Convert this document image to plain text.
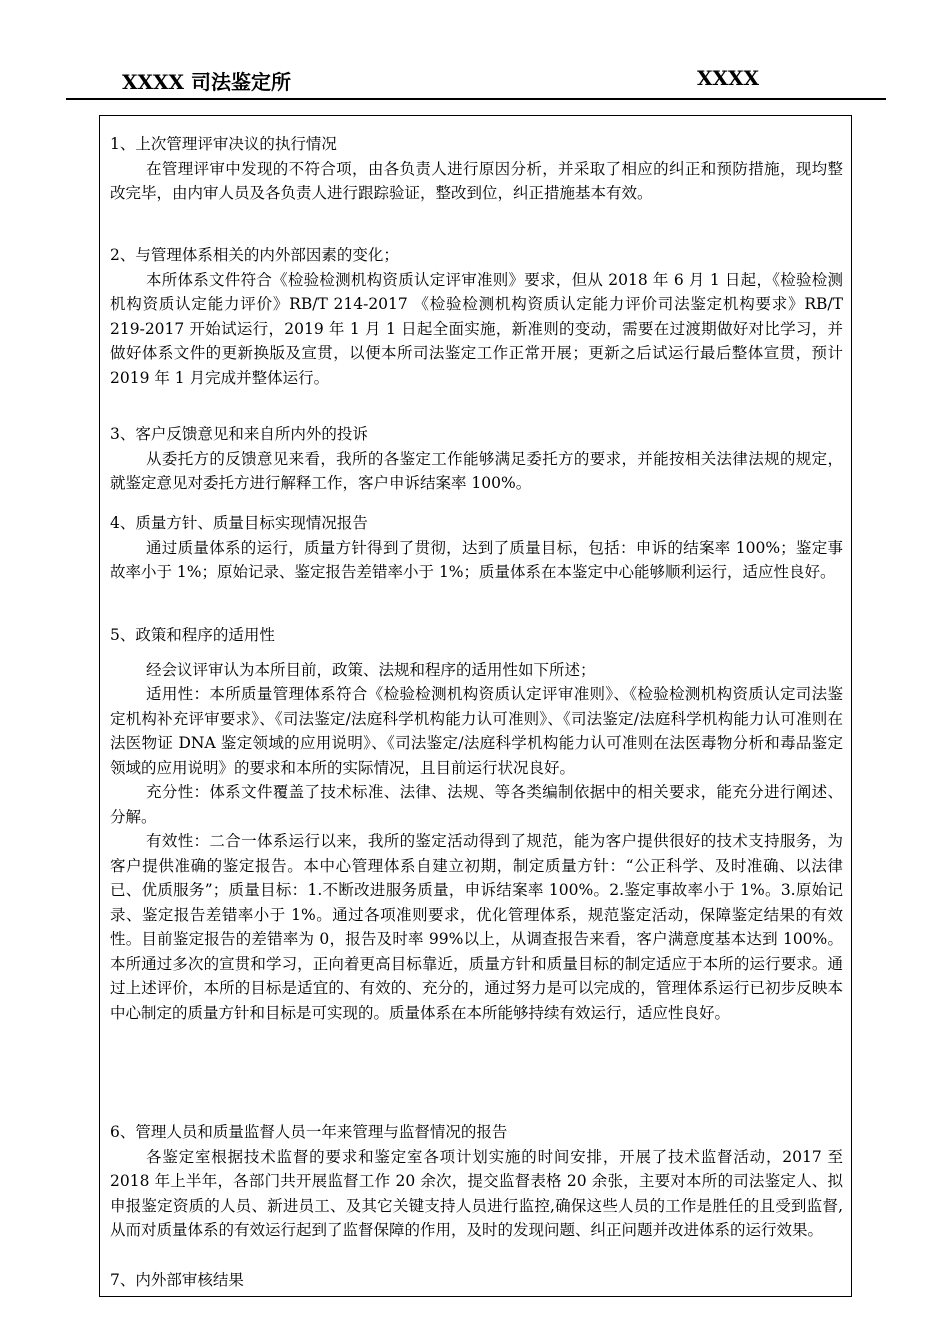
XXXX 司法鉴定所	XXXX

1、上次管理评审决议的执行情况

在管理评审中发现的不符合项，由各负责人进行原因分析，并采取了相应的纠正和预防措施，现均整改完毕，由内审人员及各负责人进行跟踪验证，整改到位，纠正措施基本有效。

2、与管理体系相关的内外部因素的变化；

本所体系文件符合《检验检测机构资质认定评审准则》要求，但从 2018 年 6 月 1 日起，《检验检测机构资质认定能力评价》RB/T 214-2017 《检验检测机构资质认定能力评价司法鉴定机构要求》RB/T 219-2017 开始试运行，2019 年 1 月 1 日起全面实施，新准则的变动，需要在过渡期做好对比学习，并做好体系文件的更新换版及宣贯，以便本所司法鉴定工作正常开展；更新之后试运行最后整体宣贯，预计 2019 年 1 月完成并整体运行。

3、客户反馈意见和来自所内外的投诉

从委托方的反馈意见来看，我所的各鉴定工作能够满足委托方的要求，并能按相关法律法规的规定，就鉴定意见对委托方进行解释工作，客户申诉结案率 100%。

4、质量方针、质量目标实现情况报告

通过质量体系的运行，质量方针得到了贯彻，达到了质量目标，包括：申诉的结案率 100%；鉴定事故率小于 1%；原始记录、鉴定报告差错率小于 1%；质量体系在本鉴定中心能够顺利运行，适应性良好。

5、政策和程序的适用性

经会议评审认为本所目前，政策、法规和程序的适用性如下所述；

适用性：本所质量管理体系符合《检验检测机构资质认定评审准则》、《检验检测机构资质认定司法鉴定机构补充评审要求》、《司法鉴定/法庭科学机构能力认可准则》、《司法鉴定/法庭科学机构能力认可准则在法医物证 DNA 鉴定领域的应用说明》、《司法鉴定/法庭科学机构能力认可准则在法医毒物分析和毒品鉴定领域的应用说明》的要求和本所的实际情况，且目前运行状况良好。

充分性：体系文件覆盖了技术标准、法律、法规、等各类编制依据中的相关要求，能充分进行阐述、分解。

有效性：二合一体系运行以来，我所的鉴定活动得到了规范，能为客户提供很好的技术支持服务，为客户提供准确的鉴定报告。本中心管理体系自建立初期，制定质量方针：“公正科学、及时准确、以法律已、优质服务”；质量目标：1.不断改进服务质量，申诉结案率 100%。2.鉴定事故率小于 1%。3.原始记录、鉴定报告差错率小于 1%。通过各项准则要求，优化管理体系，规范鉴定活动，保障鉴定结果的有效性。目前鉴定报告的差错率为 0，报告及时率 99%以上，从调查报告来看，客户满意度基本达到 100%。本所通过多次的宣贯和学习，正向着更高目标靠近，质量方针和质量目标的制定适应于本所的运行要求。通过上述评价，本所的目标是适宜的、有效的、充分的，通过努力是可以完成的，管理体系运行已初步反映本中心制定的质量方针和目标是可实现的。质量体系在本所能够持续有效运行，适应性良好。

6、管理人员和质量监督人员一年来管理与监督情况的报告

各鉴定室根据技术监督的要求和鉴定室各项计划实施的时间安排，开展了技术监督活动，2017 至 2018 年上半年，各部门共开展监督工作 20 余次，提交监督表格 20 余张，主要对本所的司法鉴定人、拟申报鉴定资质的人员、新进员工、及其它关键支持人员进行监控,确保这些人员的工作是胜任的且受到监督,从而对质量体系的有效运行起到了监督保障的作用，及时的发现问题、纠正问题并改进体系的运行效果。

7、内外部审核结果
